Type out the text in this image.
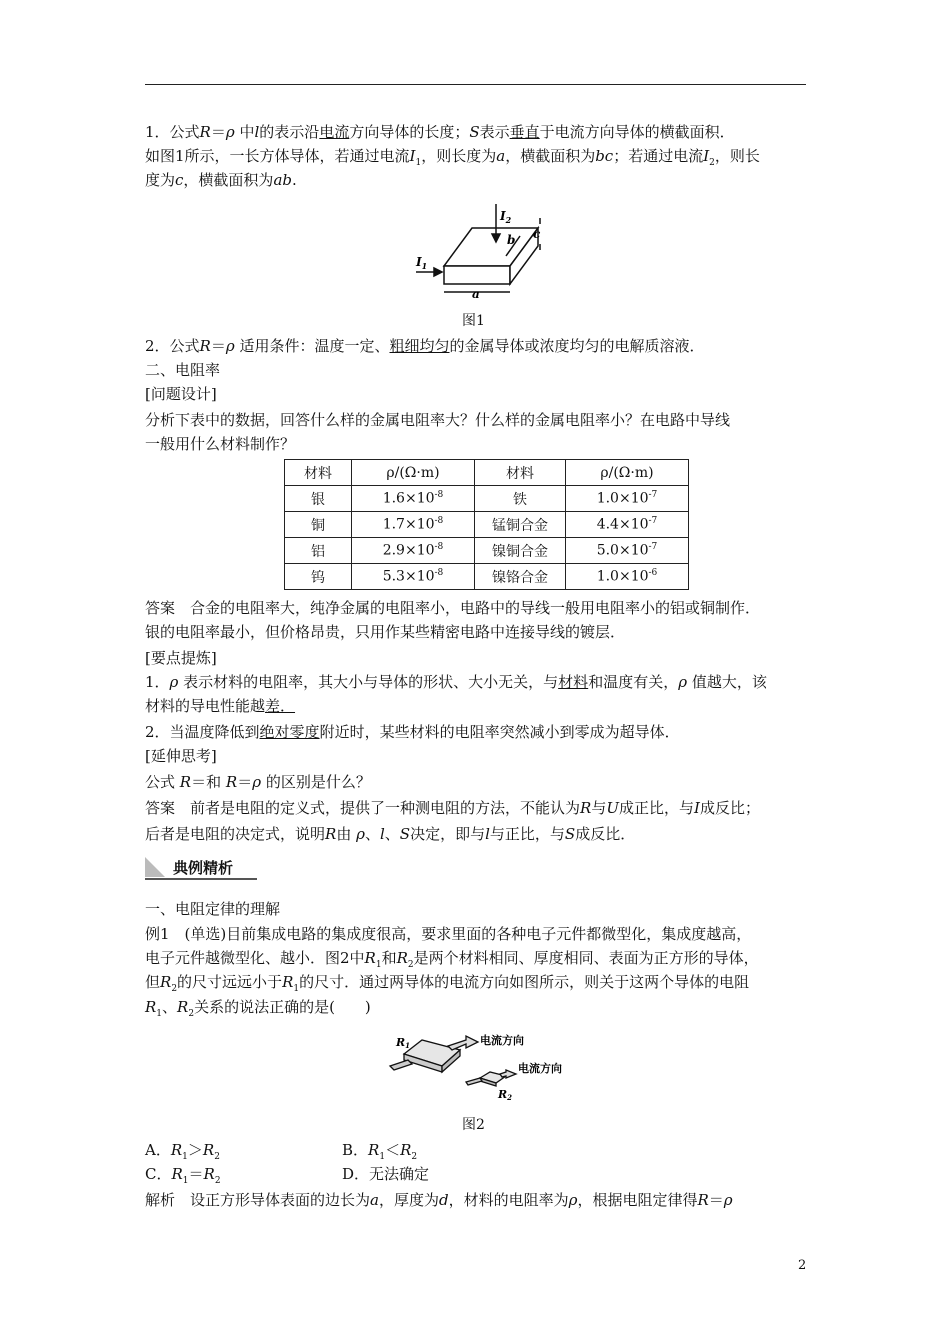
1．公式R＝ρ 中l的表示沿电流方向导体的长度；S表示垂直于电流方向导体的横截面积．
如图1所示，一长方体导体，若通过电流$I_1$，则长度为a，横截面积为bc；若通过电流$I_2$，则长
度为c，横截面积为ab.
$I_2$
$I_1$
b c
a
图1
2．公式R＝ρ 适用条件：温度一定、粗细均匀的金属导体或浓度均匀的电解质溶液．
二、电阻率
[问题设计]
分析下表中的数据，回答什么样的金属电阻率大？什么样的金属电阻率小？在电路中导线
一般用什么材料制作？
材料	ρ/(Ω·m)	材料	ρ/(Ω·m)
银	$1.6\times 10^{-8}$	铁	$1.0\times 10^{-7}$
铜	$1.7\times 10^{-8}$	锰铜合金	$4.4\times 10^{-7}$
铝	$2.9\times 10^{-8}$	镍铜合金	$5.0\times 10^{-7}$
钨	$5.3\times 10^{-8}$	镍铬合金	$1.0\times 10^{-6}$
答案　合金的电阻率大，纯净金属的电阻率小，电路中的导线一般用电阻率小的铝或铜制作．
银的电阻率最小，但价格昂贵，只用作某些精密电路中连接导线的镀层．
[要点提炼]
1．ρ 表示材料的电阻率，其大小与导体的形状、大小无关，与材料和温度有关，ρ 值越大，该
材料的导电性能越差．
2．当温度降低到绝对零度附近时，某些材料的电阻率突然减小到零成为超导体．
[延伸思考]
公式 R＝和 R＝ρ 的区别是什么？
答案　前者是电阻的定义式，提供了一种测电阻的方法，不能认为R与U成正比，与I成反比；
后者是电阻的决定式，说明R由 ρ、l、S决定，即与l与正比，与S成反比．
典例精析
一、电阻定律的理解
例1　(单选)目前集成电路的集成度很高，要求里面的各种电子元件都微型化，集成度越高，
电子元件越微型化、越小．图2中$R_1$和$R_2$是两个材料相同、厚度相同、表面为正方形的导体，
但$R_2$的尺寸远远小于$R_1$的尺寸．通过两导体的电流方向如图所示，则关于这两个导体的电阻
$R_1$、$R_2$关系的说法正确的是(　　)
R1	电流方向
电流方向
R2
图2
A．$R_1>R_2$	B．$R_1<R_2$
C．$R_1=R_2$	D．无法确定
解析　设正方形导体表面的边长为a，厚度为d，材料的电阻率为ρ，根据电阻定律得R＝ρ
2
